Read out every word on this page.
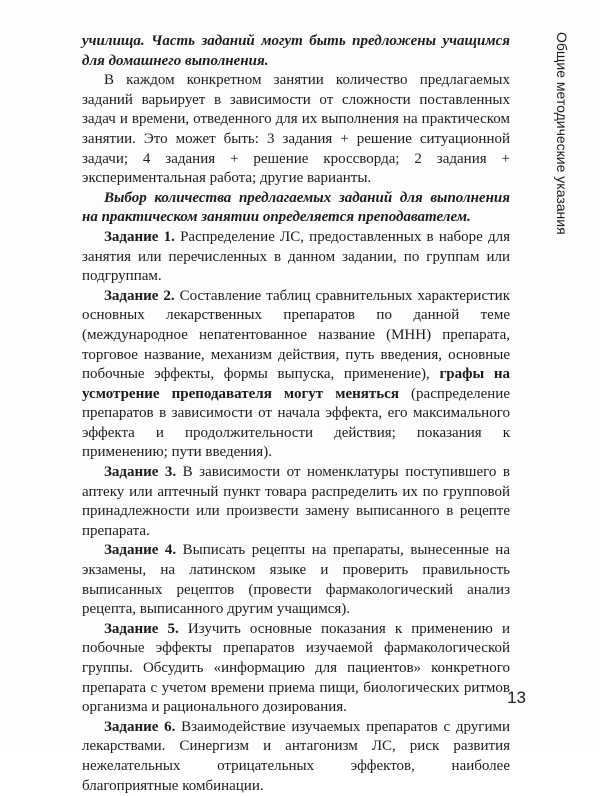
училища. Часть заданий могут быть предложены учащимся для домашнего выполнения.

В каждом конкретном занятии количество предлагаемых заданий варьирует в зависимости от сложности поставленных задач и времени, отведенного для их выполнения на практическом занятии. Это может быть: 3 задания + решение ситуационной задачи; 4 задания + решение кроссворда; 2 задания + экспериментальная работа; другие варианты.

Выбор количества предлагаемых заданий для выполнения на практическом занятии определяется преподавателем.

Задание 1. Распределение ЛС, предоставленных в наборе для занятия или перечисленных в данном задании, по группам или подгруппам.

Задание 2. Составление таблиц сравнительных характеристик основных лекарственных препаратов по данной теме (международное непатентованное название (МНН) препарата, торговое название, механизм действия, путь введения, основные побочные эффекты, формы выпуска, применение), графы на усмотрение преподавателя могут меняться (распределение препаратов в зависимости от начала эффекта, его максимального эффекта и продолжительности действия; показания к применению; пути введения).

Задание 3. В зависимости от номенклатуры поступившего в аптеку или аптечный пункт товара распределить их по групповой принадлежности или произвести замену выписанного в рецепте препарата.

Задание 4. Выписать рецепты на препараты, вынесенные на экзамены, на латинском языке и проверить правильность выписанных рецептов (провести фармакологический анализ рецепта, выписанного другим учащимся).

Задание 5. Изучить основные показания к применению и побочные эффекты препаратов изучаемой фармакологической группы. Обсудить «информацию для пациентов» конкретного препарата с учетом времени приема пищи, биологических ритмов организма и рационального дозирования.

Задание 6. Взаимодействие изучаемых препаратов с другими лекарствами. Синергизм и антагонизм ЛС, риск развития нежелательных отрицательных эффектов, наиболее благоприятные комбинации.

Общие методические указания
13
